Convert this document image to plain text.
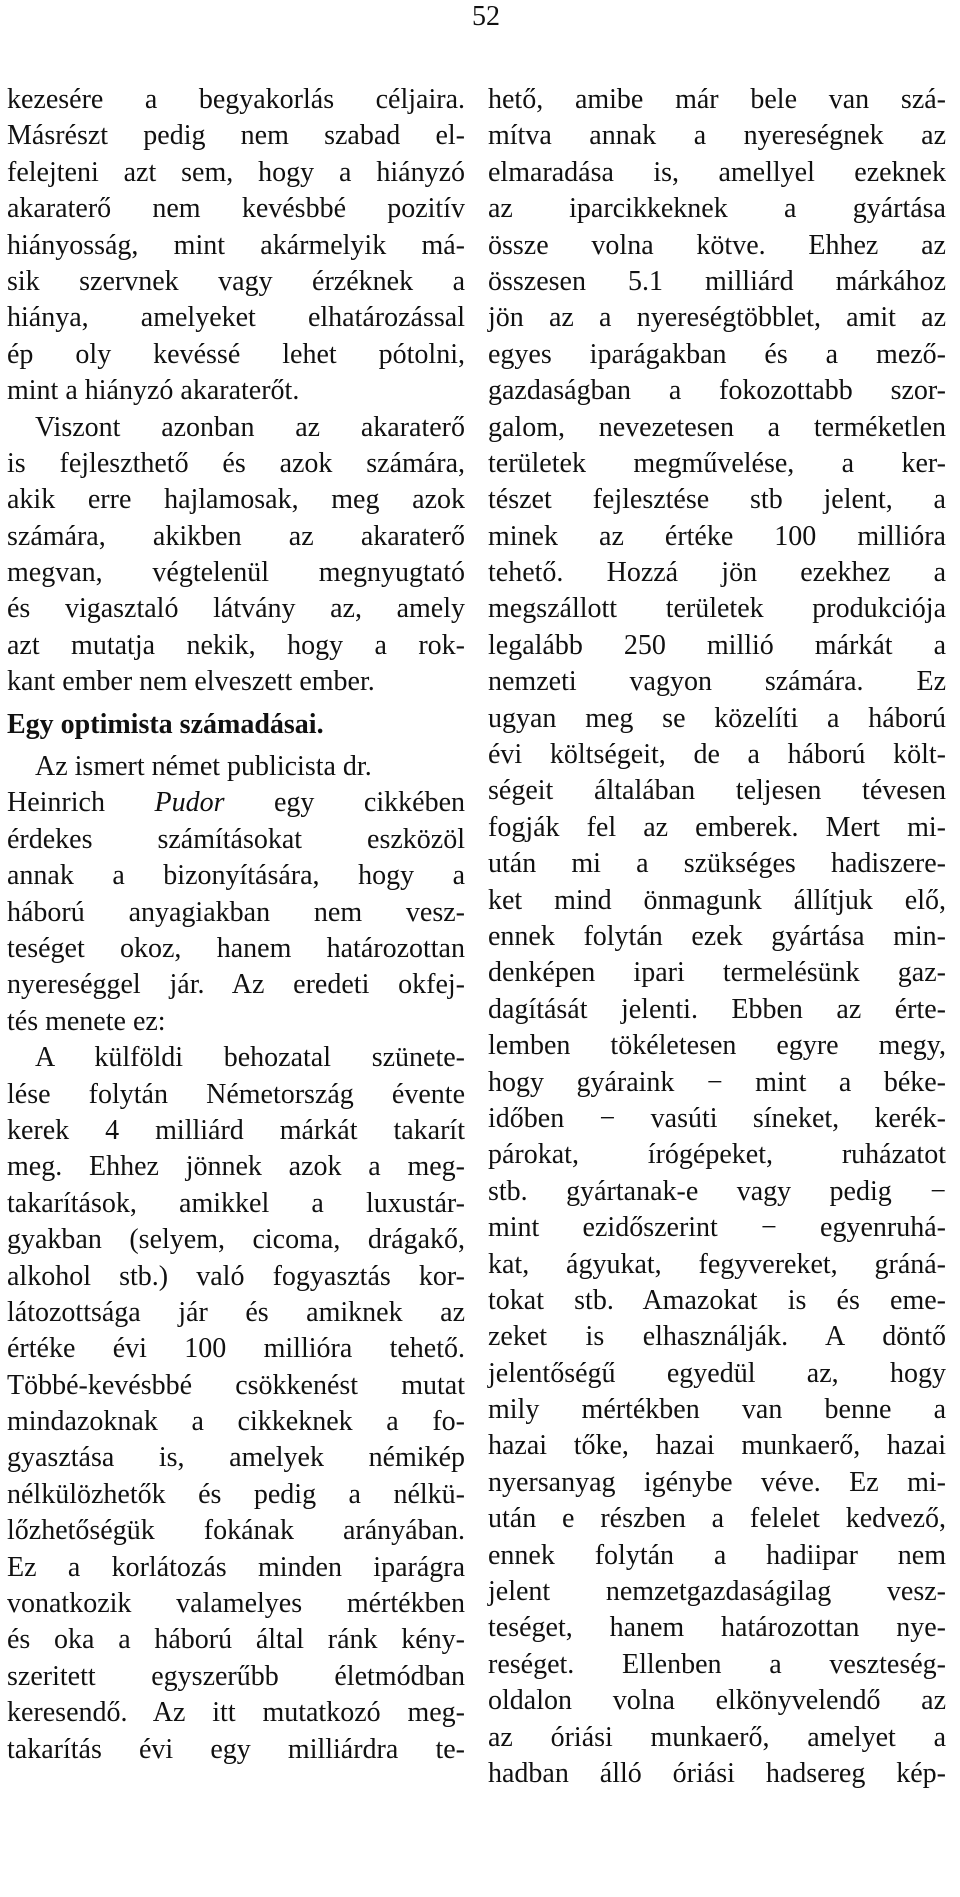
52
kezesére a begyakorlás céljaira.
Másrészt pedig nem szabad el-
felejteni azt sem, hogy a hiányzó
akaraterő nem kevésbbé pozitív
hiányosság, mint akármelyik má-
sik szervnek vagy érzéknek a
hiánya, amelyeket elhatározással
ép oly kevéssé lehet pótolni,
mint a hiányzó akaraterőt.
Viszont azonban az akaraterő
is fejleszthető és azok számára,
akik erre hajlamosak, meg azok
számára, akikben az akaraterő
megvan, végtelenül megnyugtató
és vigasztaló látvány az, amely
azt mutatja nekik, hogy a rok-
kant ember nem elveszett ember.
Egy optimista számadásai.
Az ismert német publicista dr.
Heinrich Pudor egy cikkében
érdekes számításokat eszközöl
annak a bizonyítására, hogy a
háború anyagiakban nem vesz-
teséget okoz, hanem határozottan
nyereséggel jár. Az eredeti okfej-
tés menete ez:
A külföldi behozatal szünete-
lése folytán Németország évente
kerek 4 milliárd márkát takarít
meg. Ehhez jönnek azok a meg-
takarítások, amikkel a luxustár-
gyakban (selyem, cicoma, drágakő,
alkohol stb.) való fogyasztás kor-
látozottsága jár és amiknek az
értéke évi 100 millióra tehető.
Többé-kevésbbé csökkenést mutat
mindazoknak a cikkeknek a fo-
gyasztása is, amelyek némikép
nélkülözhetők és pedig a nélkü-
lőzhetőségük fokának arányában.
Ez a korlátozás minden iparágra
vonatkozik valamelyes mértékben
és oka a háború által ránk kény-
szeritett egyszerűbb életmódban
keresendő. Az itt mutatkozó meg-
takarítás évi egy milliárdra te-
hető, amibe már bele van szá-
mítva annak a nyereségnek az
elmaradása is, amellyel ezeknek
az iparcikkeknek a gyártása
össze volna kötve. Ehhez az
összesen 5.1 milliárd márkához
jön az a nyereségtöbblet, amit az
egyes iparágakban és a mező-
gazdaságban a fokozottabb szor-
galom, nevezetesen a terméketlen
területek megművelése, a ker-
tészet fejlesztése stb jelent, a
minek az értéke 100 millióra
tehető. Hozzá jön ezekhez a
megszállott területek produkciója
legalább 250 millió márkát a
nemzeti vagyon számára. Ez
ugyan meg se közelíti a háború
évi költségeit, de a háború költ-
ségeit általában teljesen tévesen
fogják fel az emberek. Mert mi-
után mi a szükséges hadiszere-
ket mind önmagunk állítjuk elő,
ennek folytán ezek gyártása min-
denképen ipari termelésünk gaz-
dagítását jelenti. Ebben az érte-
lemben tökéletesen egyre megy,
hogy gyáraink − mint a béke-
időben − vasúti síneket, kerék-
párokat, írógépeket, ruházatot
stb. gyártanak-e vagy pedig −
mint ezidőszerint − egyenruhá-
kat, ágyukat, fegyvereket, gráná-
tokat stb. Amazokat is és eme-
zeket is elhasználják. A döntő
jelentőségű egyedül az, hogy
mily mértékben van benne a
hazai tőke, hazai munkaerő, hazai
nyersanyag igénybe véve. Ez mi-
után e részben a felelet kedvező,
ennek folytán a hadiipar nem
jelent nemzetgazdaságilag vesz-
teséget, hanem határozottan nye-
reséget. Ellenben a veszteség-
oldalon volna elkönyvelendő az
az óriási munkaerő, amelyet a
hadban álló óriási hadsereg kép-
